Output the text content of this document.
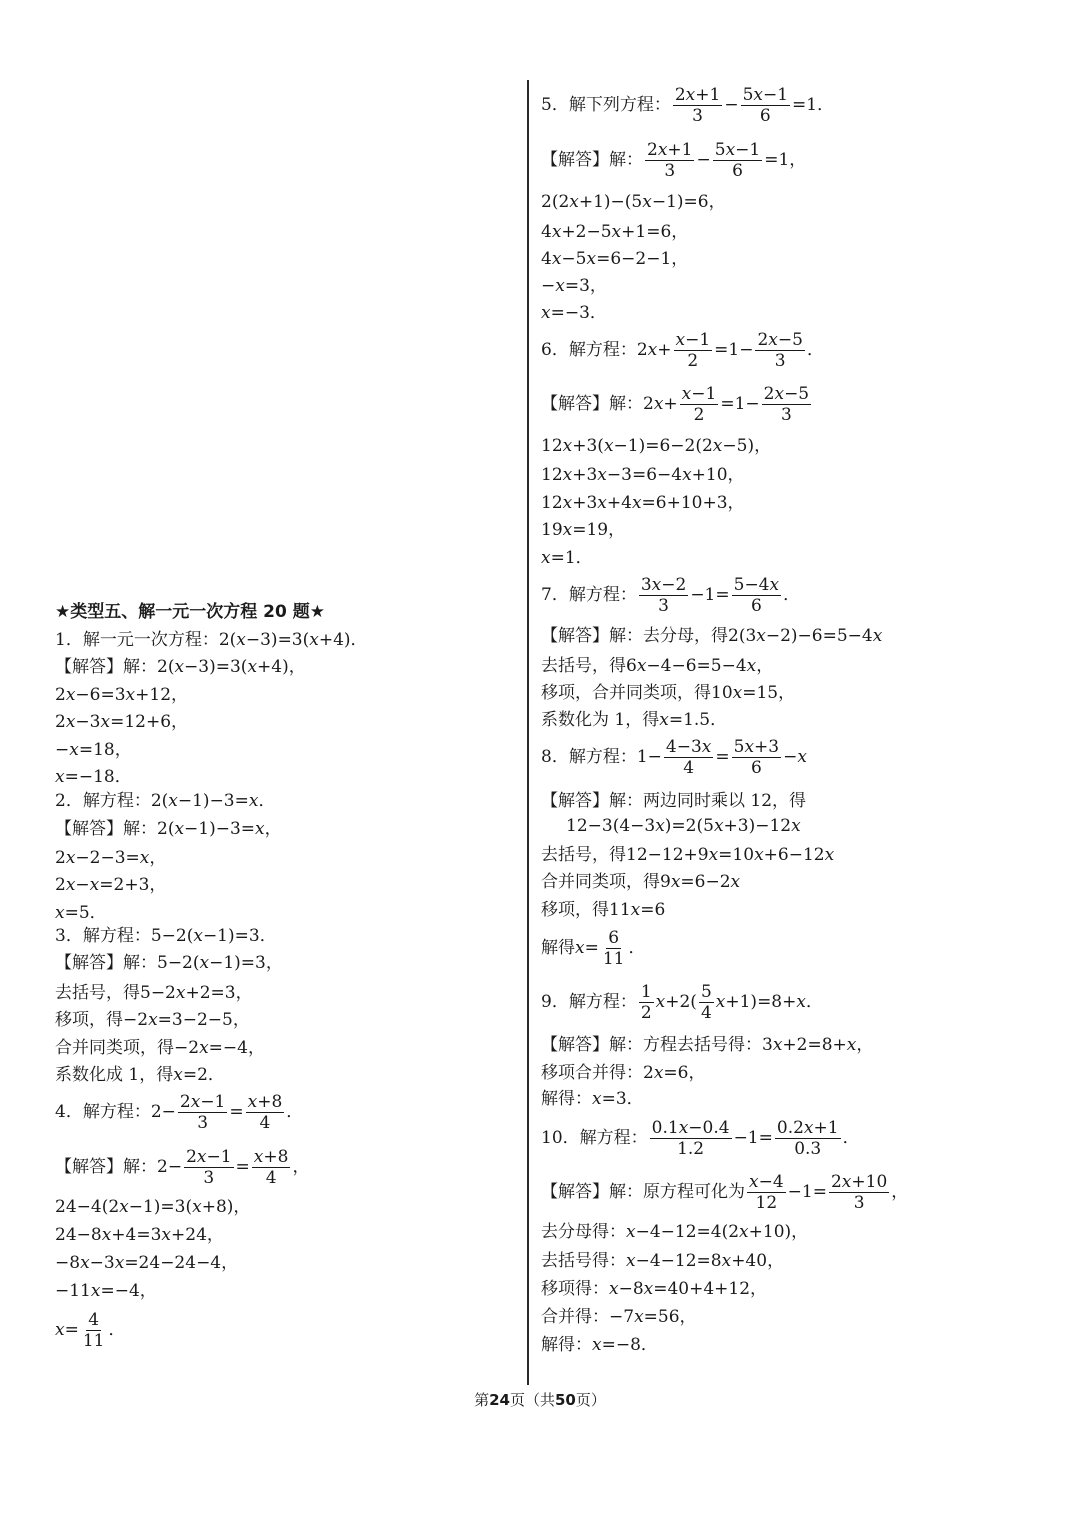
★类型五、解一元一次方程 20 题★
1．解一元一次方程：2(x−3)=3(x+4)．
【解答】解：2(x−3)=3(x+4)，
2x−6=3x+12，
2x−3x=12+6，
−x=18，
x=−18．
2．解方程：2(x−1)−3=x．
【解答】解：2(x−1)−3=x，
2x−2−3=x，
2x−x=2+3，
x=5．
3．解方程：5−2(x−1)=3．
【解答】解：5−2(x−1)=3，
去括号，得5−2x+2=3，
移项，得−2x=3−2−5，
合并同类项，得−2x=−4，
系数化成 1，得x=2．
4．解方程：$2- \frac{2x-1}{3} = \frac{x+8}{4}$ ．
【解答】解：$2- \frac{2x-1}{3} = \frac{x+8}{4}$ ，
24−4(2x−1)=3(x+8)，
24−8x+4=3x+24，
−8x−3x=24−24−4，
−11x=−4，
$x= \frac{4}{11}$ ．
5．解下列方程： $\frac{2x+1}{3} - \frac{5x-1}{6} =1$．
【解答】解： $\frac{2x+1}{3} - \frac{5x-1}{6} =1$，
2(2x+1)−(5x−1)=6，
4x+2−5x+1=6，
4x−5x=6−2−1，
−x=3，
x=−3．
6．解方程：$2x+ \frac{x-1}{2} =1- \frac{2x-5}{3}$ ．
【解答】解：$2x+ \frac{x-1}{2} =1- \frac{2x-5}{3}$
12x+3(x−1)=6−2(2x−5)，
12x+3x−3=6−4x+10，
12x+3x+4x=6+10+3，
19x=19，
x=1．
7．解方程： $\frac{3x-2}{3} -1= \frac{5-4x}{6}$ ．
【解答】解：去分母，得2(3x−2)−6=5−4x
去括号，得6x−4−6=5−4x，
移项，合并同类项，得10x=15，
系数化为 1，得x=1.5．
8．解方程：$1- \frac{4-3x}{4} = \frac{5x+3}{6} -x$
【解答】解：两边同时乘以 12，得
12−3(4−3x)=2(5x+3)−12x
去括号，得12−12+9x=10x+6−12x
合并同类项，得9x=6−2x
移项，得11x=6
解得$x= \frac{6}{11}$ ．
9．解方程： $\frac{1}{2} x+2( \frac{5}{4} x+1)=8+x$．
【解答】解：方程去括号得：3x+2=8+x，
移项合并得：2x=6，
解得：x=3．
10．解方程： $\frac{0.1x-0.4}{1.2} -1= \frac{0.2x+1}{0.3}$ ．
【解答】解：原方程可化为 $\frac{x-4}{12} -1= \frac{2x+10}{3}$ ，
去分母得：x−4−12=4(2x+10)，
去括号得：x−4−12=8x+40，
移项得：x−8x=40+4+12，
合并得：−7x=56，
解得：x=−8．
第24页（共50页）
